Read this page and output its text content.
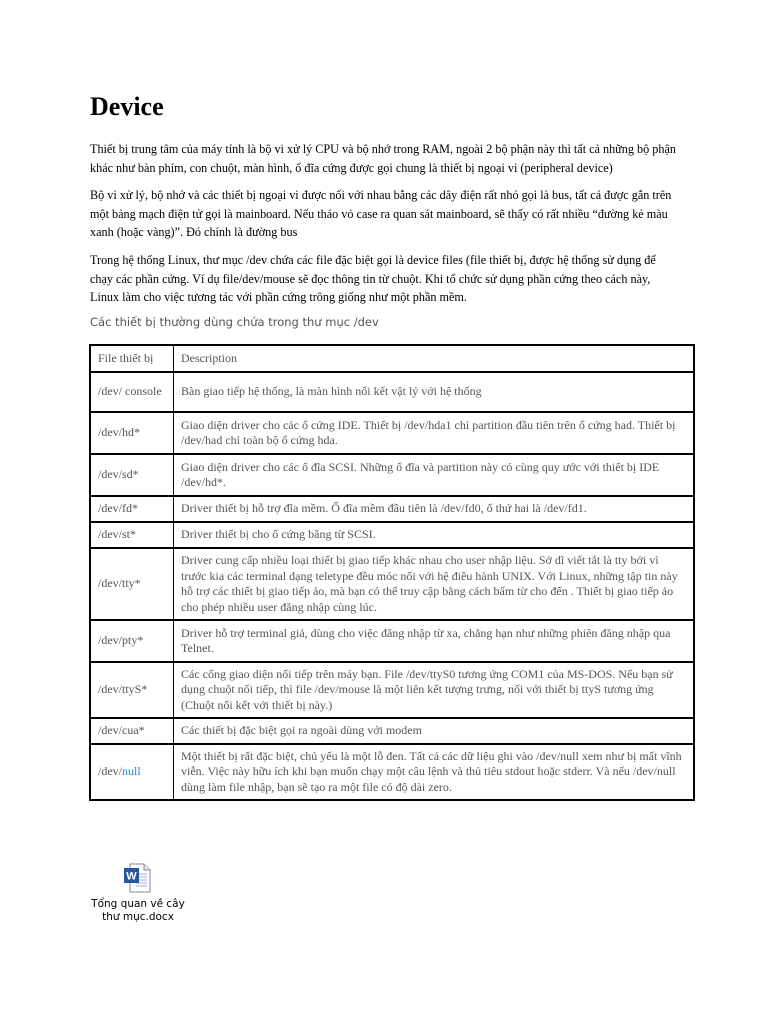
Device

Thiết bị trung tâm của máy tính là bộ vi xử lý CPU và bộ nhớ trong RAM, ngoài 2 bộ phận này thì tất cả những bộ phận khác như bàn phím, con chuột, màn hình, ổ đĩa cứng được gọi chung là thiết bị ngoại vi (peripheral device)

Bộ vi xử lý, bộ nhớ và các thiết bị ngoại vi được nối với nhau bằng các dây điện rất nhỏ gọi là bus, tất cả được gắn trên một bảng mạch điện tử gọi là mainboard. Nếu tháo vỏ case ra quan sát mainboard, sẽ thấy có rất nhiều “đường kẻ màu xanh (hoặc vàng)”. Đó chính là đường bus

Trong hệ thống Linux, thư mục /dev chứa các file đặc biệt gọi là device files (file thiết bị, được hệ thống sử dụng để chạy các phần cứng. Ví dụ file/dev/mouse sẽ đọc thông tin từ chuột. Khi tổ chức sử dụng phần cứng theo cách này, Linux làm cho việc tương tác với phần cứng trông giống như một phần mềm.

Các thiết bị thường dùng chứa trong thư mục /dev

File thiết bị	Description
/dev/ console	Bàn giao tiếp hệ thống, là màn hình nối kết vật lý với hệ thống
/dev/hd*	Giao diện driver cho các ổ cứng IDE. Thiết bị /dev/hda1 chỉ partition đầu tiên trên ổ cứng had. Thiết bị /dev/had chỉ toàn bộ ổ cứng hda.
/dev/sd*	Giao diện driver cho các ổ đĩa SCSI. Những ổ đĩa và partition này có cùng quy ước với thiết bị IDE /dev/hd*.
/dev/fd*	Driver thiết bị hỗ trợ đĩa mềm. Ổ đĩa mềm đầu tiên là /dev/fd0, ổ thứ hai là /dev/fd1.
/dev/st*	Driver thiết bị cho ổ cứng băng từ SCSI.
/dev/tty*	Driver cung cấp nhiều loại thiết bị giao tiếp khác nhau cho user nhập liệu. Sở dĩ viết tắt là tty bởi vì trước kia các terminal dạng teletype đều móc nối với hệ điều hành UNIX. Với Linux, những tập tin này hỗ trợ các thiết bị giao tiếp ảo, mà bạn có thể truy cập bằng cách bấm từ cho đến . Thiết bị giao tiếp ảo cho phép nhiều user đăng nhập cùng lúc.
/dev/pty*	Driver hỗ trợ terminal giả, dùng cho việc đăng nhập từ xa, chẳng hạn như những phiên đăng nhập qua Telnet.
/dev/ttyS*	Các cổng giao diện nối tiếp trên máy bạn. File /dev/ttyS0 tương ứng COM1 của MS-DOS. Nếu bạn sử dụng chuột nối tiếp, thì file /dev/mouse là một liên kết tượng trưng, nối với thiết bị ttyS tương ứng (Chuột nối kết với thiết bị này.)
/dev/cua*	Các thiết bị đặc biệt gọi ra ngoài dùng với modem
/dev/null	Một thiết bị rất đặc biệt, chủ yếu là một lỗ đen. Tất cả các dữ liệu ghi vào /dev/null xem như bị mất vĩnh viễn. Việc này hữu ích khi bạn muốn chạy một câu lệnh và thủ tiêu stdout hoặc stderr. Và nếu /dev/null dùng làm file nhập, bạn sẽ tạo ra một file có độ dài zero.
W
Tổng quan về cây thư mục.docx
